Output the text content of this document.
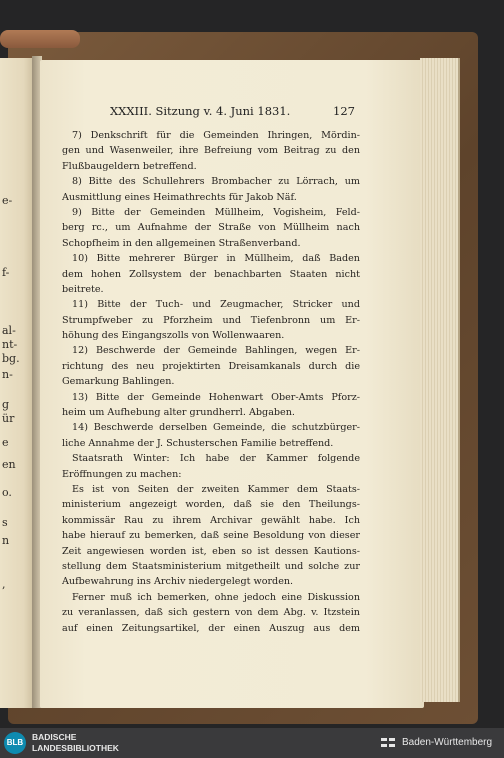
e-
f-
al-
nt-
bg.
n-
g
ür
e
en
o.
s
n
,
XXXIII. Sitzung v. 4. Juni 1831.	127
7) Denkschrift für die Gemeinden Ihringen, Mördin-
gen und Wasenweiler, ihre Befreiung vom Beitrag zu den
Flußbaugeldern betreffend.
8) Bitte des Schullehrers Brombacher zu Lörrach, um
Ausmittlung eines Heimathrechts für Jakob Näf.
9) Bitte der Gemeinden Müllheim, Vogisheim, Feld-
berg rc., um Aufnahme der Straße von Müllheim nach
Schopfheim in den allgemeinen Straßenverband.
10) Bitte mehrerer Bürger in Müllheim, daß Baden
dem hohen Zollsystem der benachbarten Staaten nicht
beitrete.
11) Bitte der Tuch- und Zeugmacher, Stricker und
Strumpfweber zu Pforzheim und Tiefenbronn um Er-
höhung des Eingangszolls von Wollenwaaren.
12) Beschwerde der Gemeinde Bahlingen, wegen Er-
richtung des neu projektirten Dreisamkanals durch die
Gemarkung Bahlingen.
13) Bitte der Gemeinde Hohenwart Ober-Amts Pforz-
heim um Aufhebung alter grundherrl. Abgaben.
14) Beschwerde derselben Gemeinde, die schutzbürger-
liche Annahme der J. Schusterschen Familie betreffend.
Staatsrath Winter: Ich habe der Kammer folgende
Eröffnungen zu machen:
Es ist von Seiten der zweiten Kammer dem Staats-
ministerium angezeigt worden, daß sie den Theilungs-
kommissär Rau zu ihrem Archivar gewählt habe. Ich
habe hierauf zu bemerken, daß seine Besoldung von dieser
Zeit angewiesen worden ist, eben so ist dessen Kautions-
stellung dem Staatsministerium mitgetheilt und solche zur
Aufbewahrung ins Archiv niedergelegt worden.
Ferner muß ich bemerken, ohne jedoch eine Diskussion
zu veranlassen, daß sich gestern von dem Abg. v. Itzstein
auf einen Zeitungsartikel, der einen Auszug aus dem
BLB
BADISCHE
LANDESBIBLIOTHEK	Baden-Württemberg
